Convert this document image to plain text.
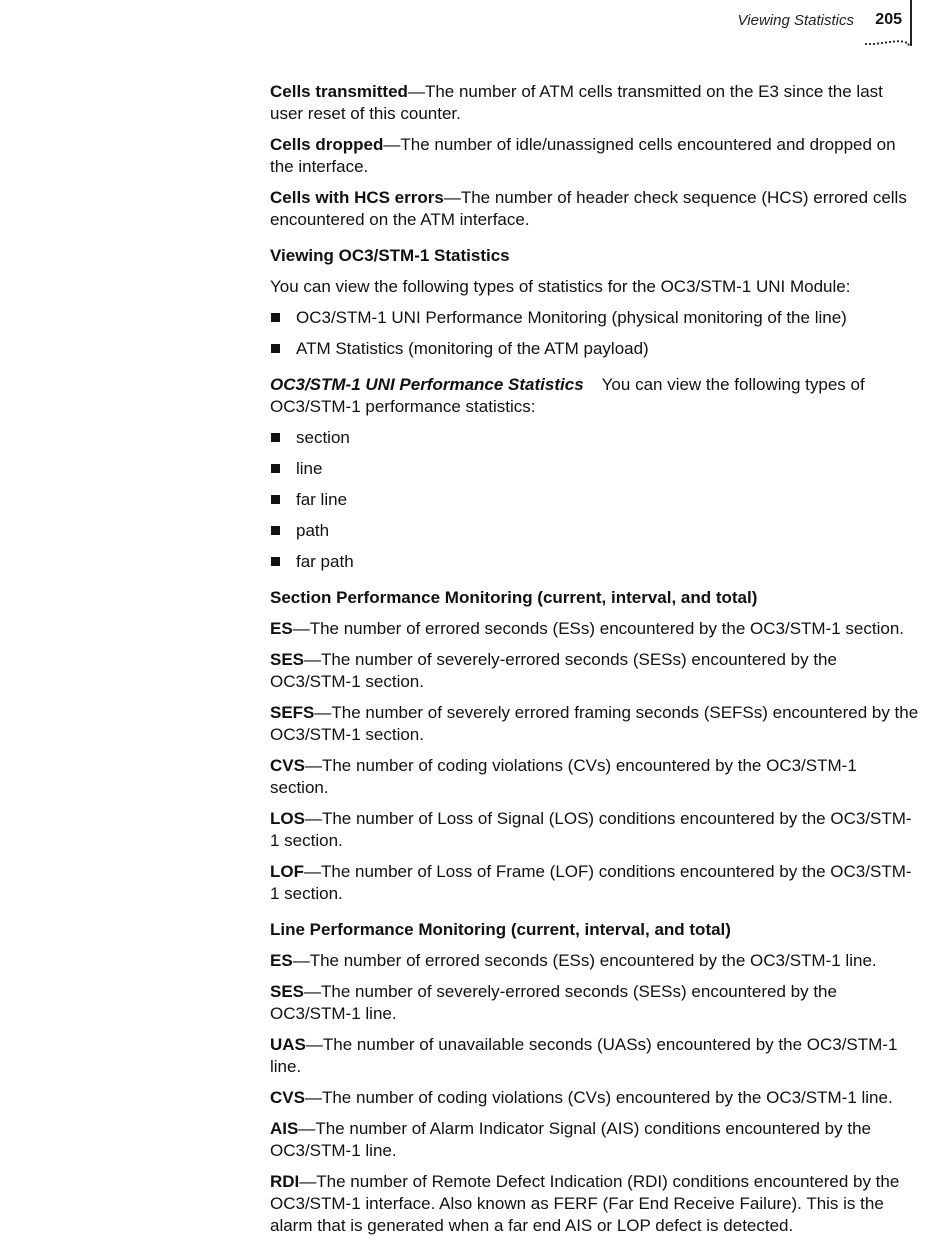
Viewing Statistics 205

Cells transmitted—The number of ATM cells transmitted on the E3 since the last user reset of this counter.

Cells dropped—The number of idle/unassigned cells encountered and dropped on the interface.

Cells with HCS errors—The number of header check sequence (HCS) errored cells encountered on the ATM interface.

Viewing OC3/STM-1 Statistics

You can view the following types of statistics for the OC3/STM-1 UNI Module:

OC3/STM-1 UNI Performance Monitoring (physical monitoring of the line)
ATM Statistics (monitoring of the ATM payload)

OC3/STM-1 UNI Performance Statistics You can view the following types of OC3/STM-1 performance statistics:

section
line
far line
path
far path
Section Performance Monitoring (current, interval, and total)

ES—The number of errored seconds (ESs) encountered by the OC3/STM-1 section.

SES—The number of severely-errored seconds (SESs) encountered by the OC3/STM-1 section.

SEFS—The number of severely errored framing seconds (SEFSs) encountered by the OC3/STM-1 section.

CVS—The number of coding violations (CVs) encountered by the OC3/STM-1 section.

LOS—The number of Loss of Signal (LOS) conditions encountered by the OC3/STM-1 section.

LOF—The number of Loss of Frame (LOF) conditions encountered by the OC3/STM-1 section.

Line Performance Monitoring (current, interval, and total)

ES—The number of errored seconds (ESs) encountered by the OC3/STM-1 line.

SES—The number of severely-errored seconds (SESs) encountered by the OC3/STM-1 line.

UAS—The number of unavailable seconds (UASs) encountered by the OC3/STM-1 line.

CVS—The number of coding violations (CVs) encountered by the OC3/STM-1 line.

AIS—The number of Alarm Indicator Signal (AIS) conditions encountered by the OC3/STM-1 line.

RDI—The number of Remote Defect Indication (RDI) conditions encountered by the OC3/STM-1 interface. Also known as FERF (Far End Receive Failure). This is the alarm that is generated when a far end AIS or LOP defect is detected.
